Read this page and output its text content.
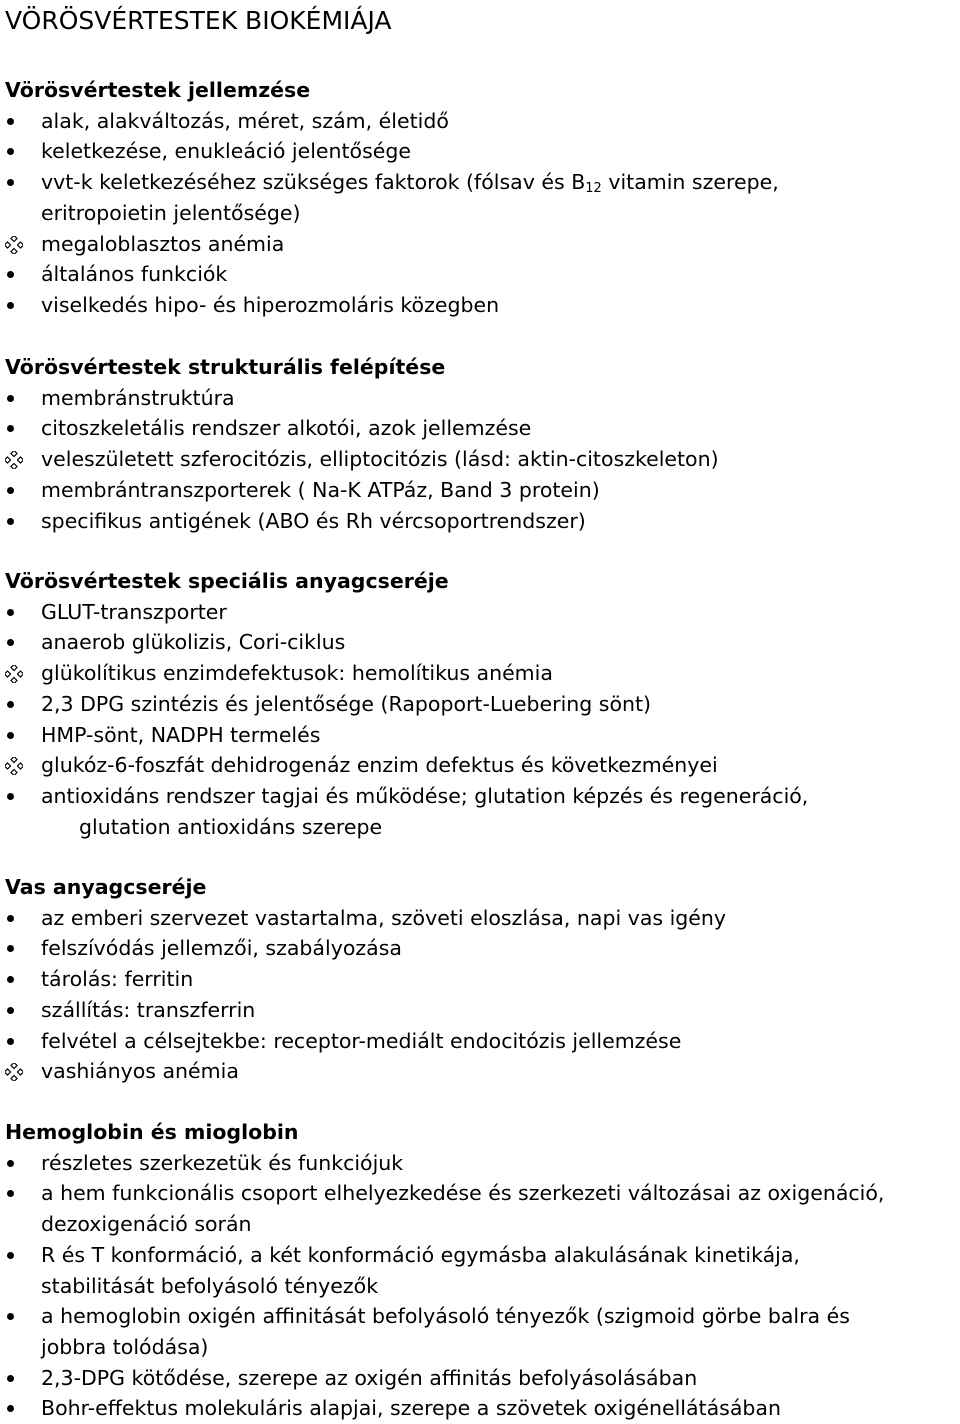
VÖRÖSVÉRTESTEK BIOKÉMIÁJA
Vörösvértestek jellemzése
alak, alakváltozás, méret, szám, életidő
keletkezése, enukleáció jelentősége
vvt-k keletkezéséhez szükséges faktorok (fólsav és $B_{12}$ vitamin szerepe,
eritropoietin jelentősége)
megaloblasztos anémia
általános funkciók
viselkedés hipo- és hiperozmoláris közegben
Vörösvértestek strukturális felépítése
membránstruktúra
citoszkeletális rendszer alkotói, azok jellemzése
veleszületett szferocitózis, elliptocitózis (lásd: aktin-citoszkeleton)
membrántranszporterek ( Na-K ATPáz, Band 3 protein)
specifikus antigének (ABO és Rh vércsoportrendszer)
Vörösvértestek speciális anyagcseréje
GLUT-transzporter
anaerob glükolizis, Cori-ciklus
glükolítikus enzimdefektusok: hemolítikus anémia
2,3 DPG szintézis és jelentősége (Rapoport-Luebering sönt)
HMP-sönt, NADPH termelés
glukóz-6-foszfát dehidrogenáz enzim defektus és következményei
antioxidáns rendszer tagjai és működése; glutation képzés és regeneráció,
glutation antioxidáns szerepe
Vas anyagcseréje
az emberi szervezet vastartalma, szöveti eloszlása, napi vas igény
felszívódás jellemzői, szabályozása
tárolás: ferritin
szállítás: transzferrin
felvétel a célsejtekbe: receptor-mediált endocitózis jellemzése
vashiányos anémia
Hemoglobin és mioglobin
részletes szerkezetük és funkciójuk
a hem funkcionális csoport elhelyezkedése és szerkezeti változásai az oxigenáció,
dezoxigenáció során
R és T konformáció, a két konformáció egymásba alakulásának kinetikája,
stabilitását befolyásoló tényezők
a hemoglobin oxigén affinitását befolyásoló tényezők (szigmoid görbe balra és
jobbra tolódása)
2,3-DPG kötődése, szerepe az oxigén affinitás befolyásolásában
Bohr-effektus molekuláris alapjai, szerepe a szövetek oxigénellátásában
